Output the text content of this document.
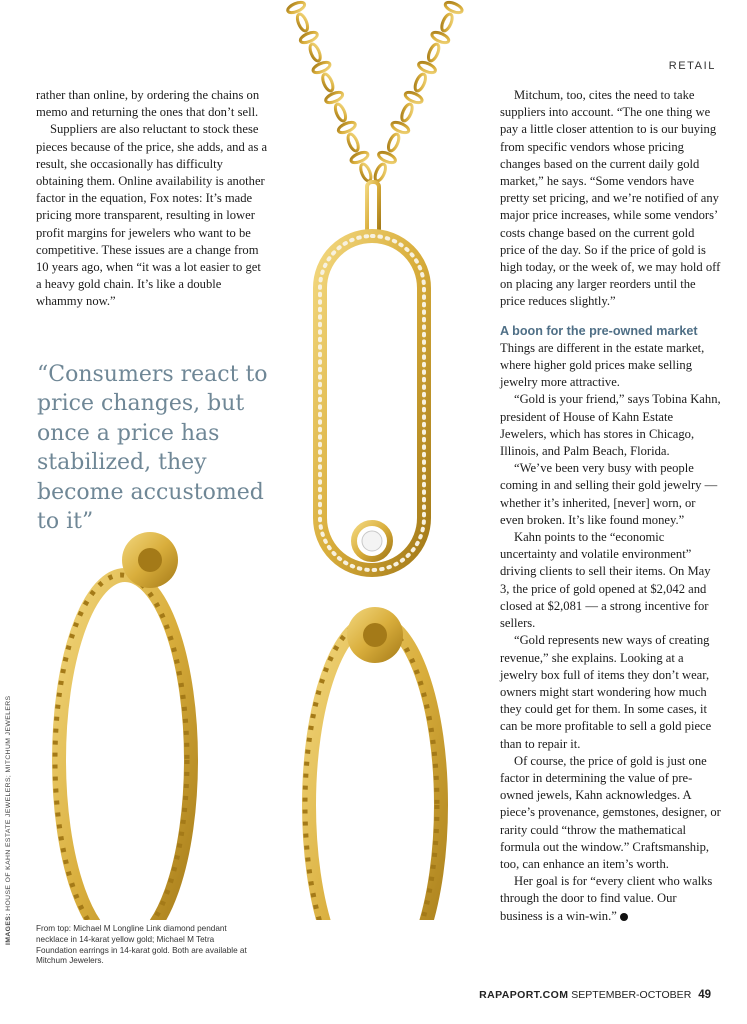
RETAIL

rather than online, by ordering the chains on memo and returning the ones that don’t sell.

Suppliers are also reluctant to stock these pieces because of the price, she adds, and as a result, she occasionally has difficulty obtaining them. Online availability is another factor in the equation, Fox notes: It’s made pricing more transparent, resulting in lower profit margins for jewelers who want to be competitive. These issues are a change from 10 years ago, when “it was a lot easier to get a heavy gold chain. It’s like a double whammy now.”

“Consumers react to price changes, but once a price has stabilized, they become accustomed to it”

Mitchum, too, cites the need to take suppliers into account. “The one thing we pay a little closer attention to is our buying from specific vendors whose pricing changes based on the current daily gold market,” he says. “Some vendors have pretty set pricing, and we’re notified of any major price increases, while some vendors’ costs change based on the current gold price of the day. So if the price of gold is high today, or the week of, we may hold off on placing any larger reorders until the price reduces slightly.”

A boon for the pre-owned market

Things are different in the estate market, where higher gold prices make selling jewelry more attractive.

“Gold is your friend,” says Tobina Kahn, president of House of Kahn Estate Jewelers, which has stores in Chicago, Illinois, and Palm Beach, Florida.

“We’ve been very busy with people coming in and selling their gold jewelry — whether it’s inherited, [never] worn, or even broken. It’s like found money.”

Kahn points to the “economic uncertainty and volatile environment” driving clients to sell their items. On May 3, the price of gold opened at $2,042 and closed at $2,081 — a strong incentive for sellers.

“Gold represents new ways of creating revenue,” she explains. Looking at a jewelry box full of items they don’t wear, owners might start wondering how much they could get for them. In some cases, it can be more profitable to sell a gold piece than to repair it.

Of course, the price of gold is just one factor in determining the value of pre-owned jewels, Kahn acknowledges. A piece’s provenance, gemstones, designer, or rarity could “throw the mathematical formula out the window.” Craftsmanship, too, can enhance an item’s worth.

Her goal is for “every client who walks through the door to find value. Our business is a win-win.”

From top: Michael M Longline Link diamond pendant necklace in 14-karat yellow gold; Michael M Tetra Foundation earrings in 14-karat gold. Both are available at Mitchum Jewelers.
IMAGES: HOUSE OF KAHN ESTATE JEWELERS; MITCHUM JEWELERS
RAPAPORT.COM SEPTEMBER-OCTOBER 49
